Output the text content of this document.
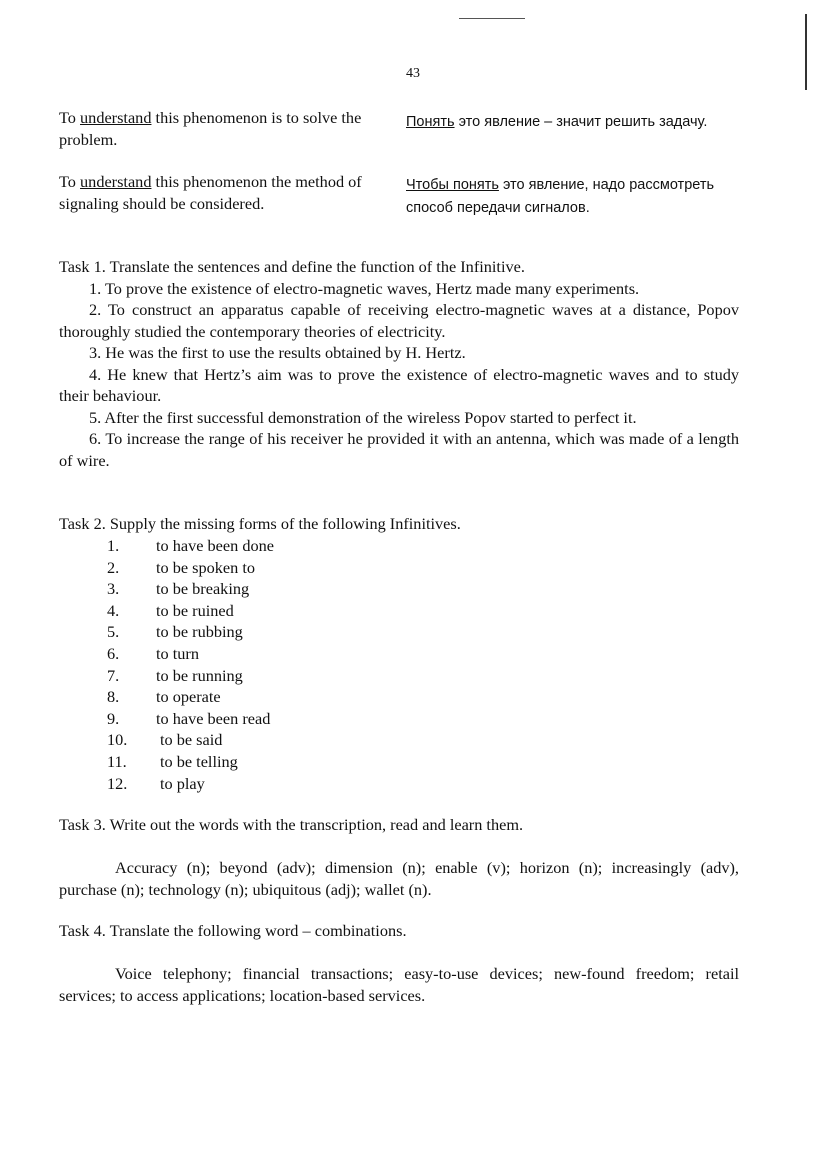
43
To understand this phenomenon is to solve the problem.
Понять это явление – значит решить задачу.
To understand this phenomenon the method of signaling should be considered.
Чтобы понять это явление, надо рассмотреть способ передачи сигналов.

Task 1. Translate the sentences and define the function of the Infinitive.

1. To prove the existence of electro-magnetic waves, Hertz made many experiments.

2. To construct an apparatus capable of receiving electro-magnetic waves at a distance, Popov thoroughly studied the contemporary theories of electricity.

3. He was the first to use the results obtained by H. Hertz.

4. He knew that Hertz’s aim was to prove the existence of electro-magnetic waves and to study their behaviour.

5. After the first successful demonstration of the wireless Popov started to perfect it.

6. To increase the range of his receiver he provided it with an antenna, which was made of a length of wire.

Task 2. Supply the missing forms of the following Infinitives.
1. to have been done
2. to be spoken to
3. to be breaking
4. to be ruined
5. to be rubbing
6. to turn
7. to be running
8. to operate
9. to have been read
10. to be said
11. to be telling
12. to play
Task 3. Write out the words with the transcription, read and learn them.
Accuracy (n); beyond (adv); dimension (n); enable (v); horizon (n); increasingly (adv), purchase (n); technology (n); ubiquitous (adj); wallet (n).
Task 4. Translate the following word – combinations.
Voice telephony; financial transactions; easy-to-use devices; new-found freedom; retail services; to access applications; location-based services.
